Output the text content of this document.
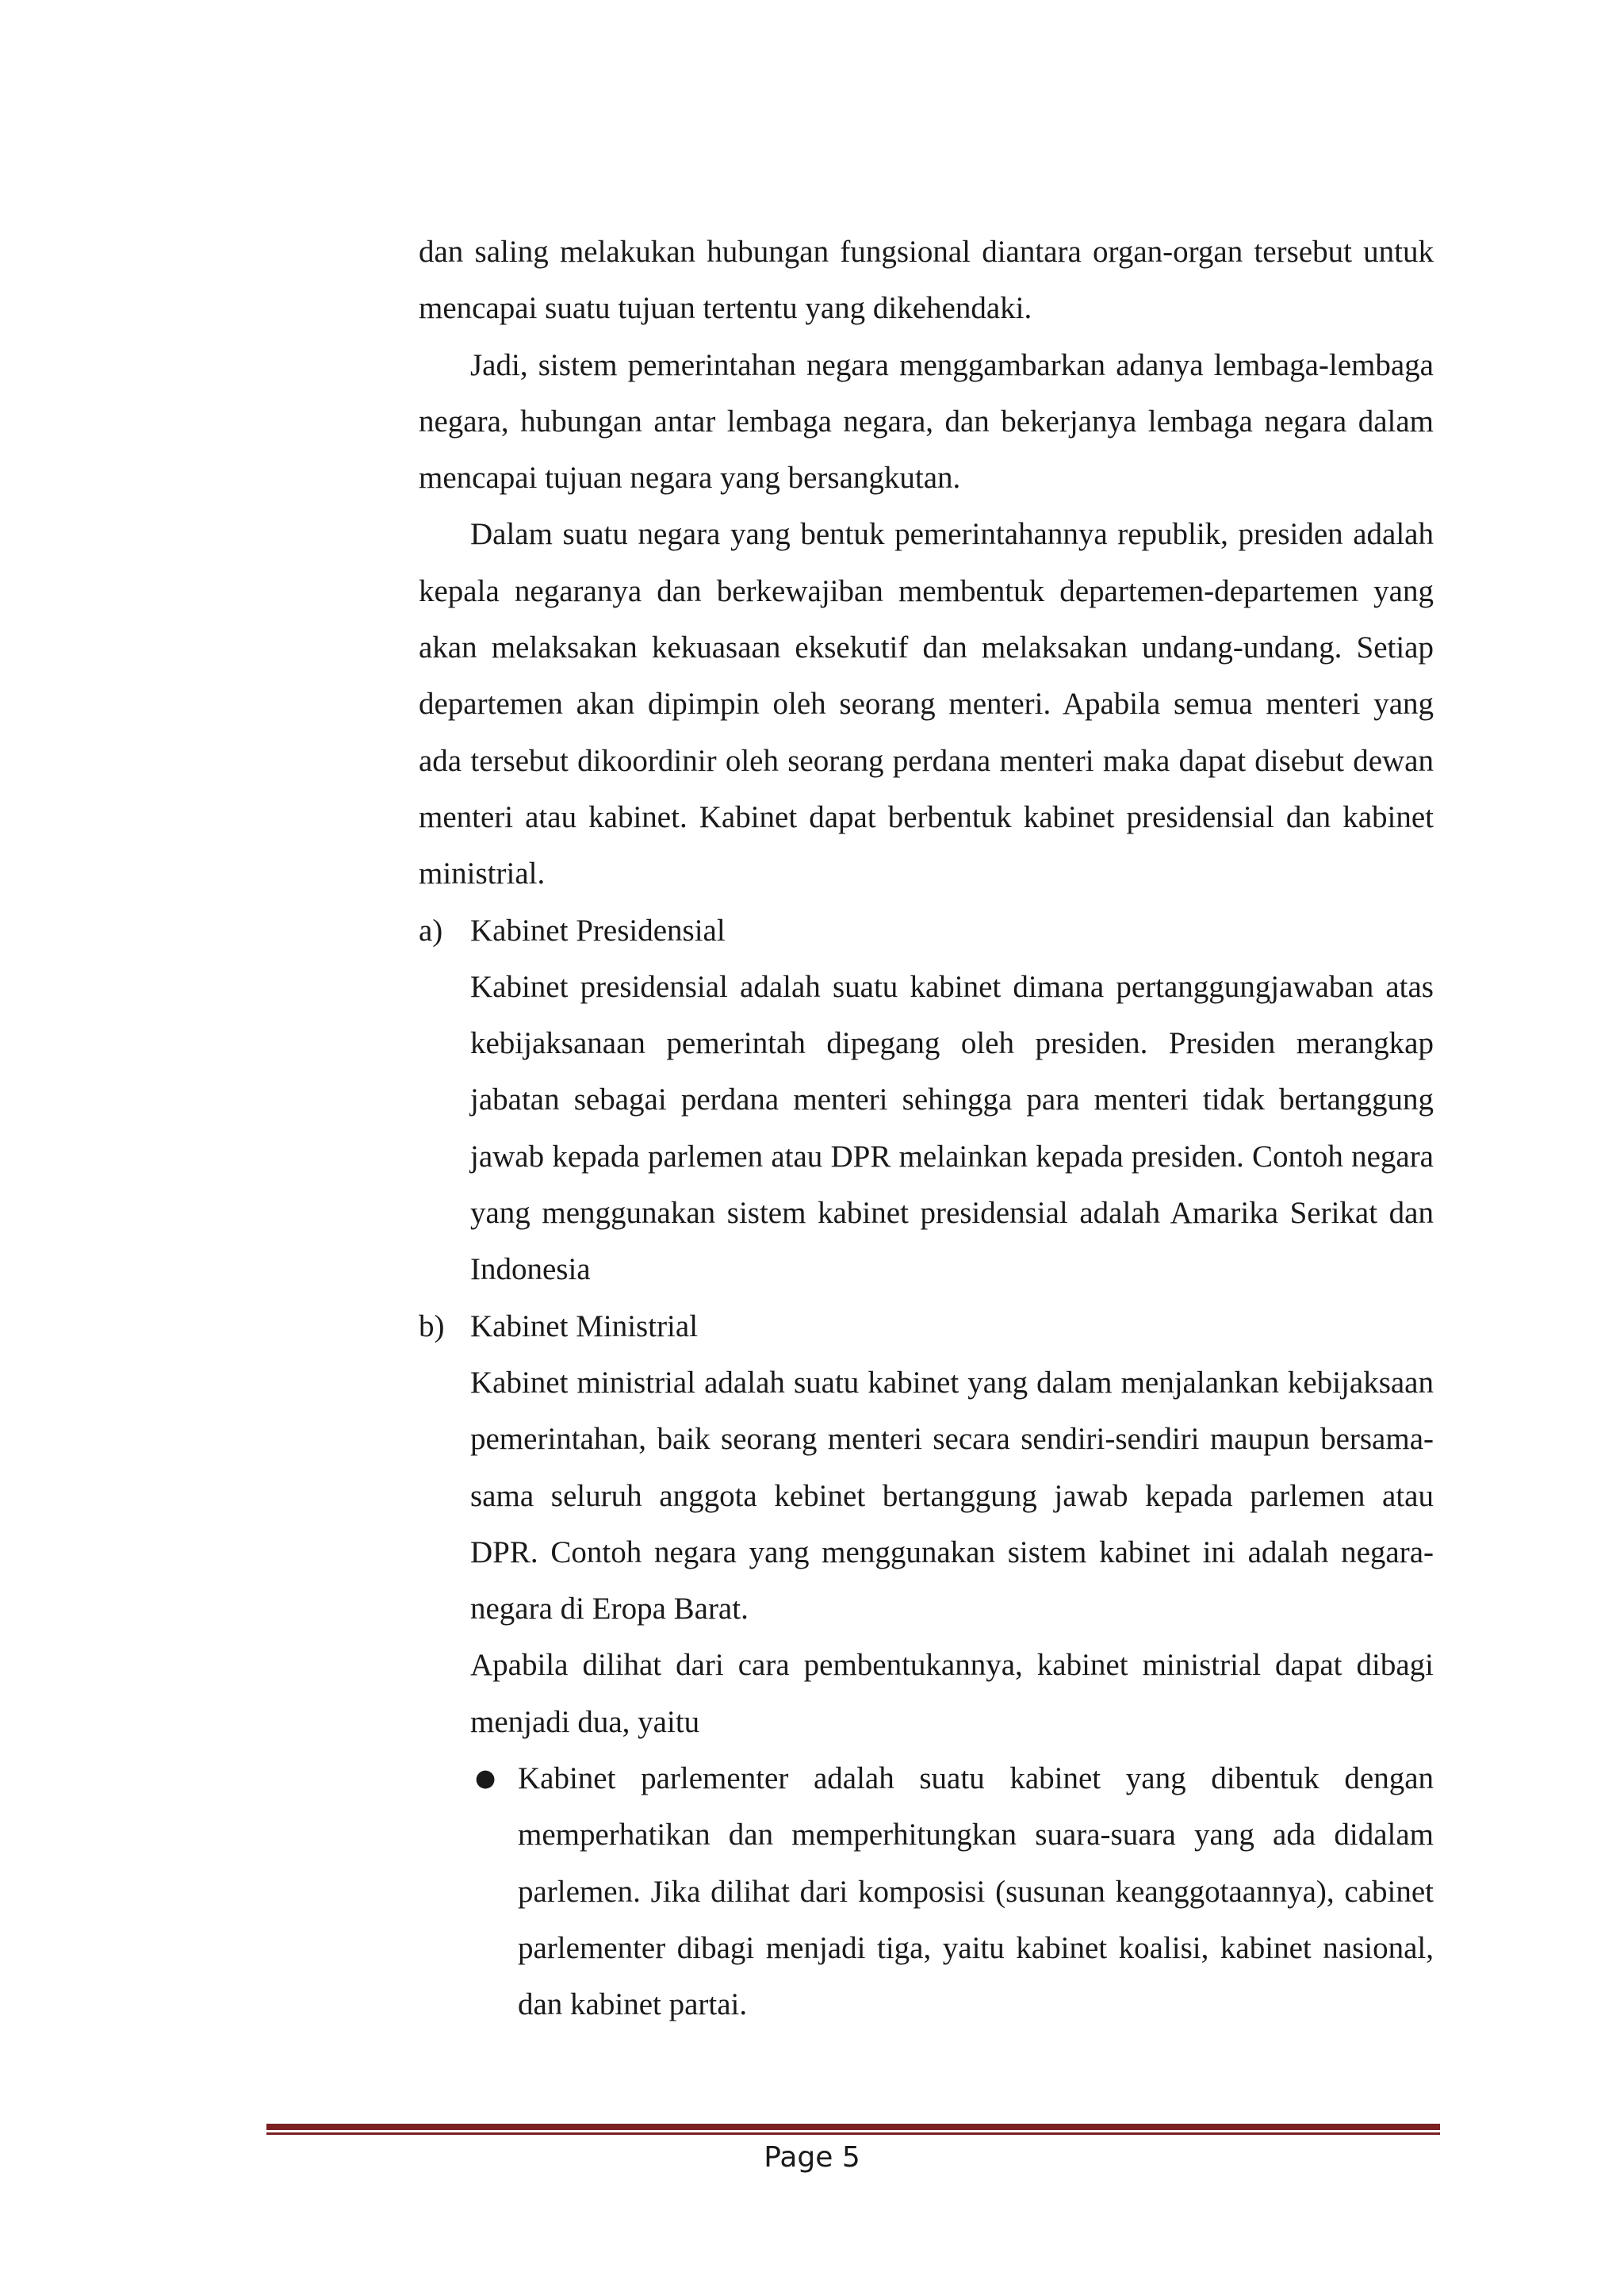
dan saling melakukan hubungan fungsional diantara organ-organ tersebut untuk mencapai suatu tujuan tertentu yang dikehendaki.

Jadi, sistem pemerintahan negara menggambarkan adanya lembaga-lembaga negara, hubungan antar lembaga negara, dan bekerjanya lembaga negara dalam mencapai tujuan negara yang bersangkutan.

Dalam suatu negara yang bentuk pemerintahannya republik, presiden adalah kepala negaranya dan berkewajiban membentuk departemen-departemen yang akan melaksakan kekuasaan eksekutif dan melaksakan undang-undang. Setiap departemen akan dipimpin oleh seorang menteri. Apabila semua menteri yang ada tersebut dikoordinir oleh seorang perdana menteri maka dapat disebut dewan menteri atau kabinet. Kabinet dapat berbentuk kabinet presidensial dan kabinet ministrial.

a) Kabinet Presidensial

Kabinet presidensial adalah suatu kabinet dimana pertanggungjawaban atas kebijaksanaan pemerintah dipegang oleh presiden. Presiden merangkap jabatan sebagai perdana menteri sehingga para menteri tidak bertanggung jawab kepada parlemen atau DPR melainkan kepada presiden. Contoh negara yang menggunakan sistem kabinet presidensial adalah Amarika Serikat dan Indonesia

b) Kabinet Ministrial

Kabinet ministrial adalah suatu kabinet yang dalam menjalankan kebijaksaan pemerintahan, baik seorang menteri secara sendiri-sendiri maupun bersama-sama seluruh anggota kebinet bertanggung jawab kepada parlemen atau DPR. Contoh negara yang menggunakan sistem kabinet ini adalah negara-negara di Eropa Barat.

Apabila dilihat dari cara pembentukannya, kabinet ministrial dapat dibagi menjadi dua, yaitu

● Kabinet parlementer adalah suatu kabinet yang dibentuk dengan memperhatikan dan memperhitungkan suara-suara yang ada didalam parlemen. Jika dilihat dari komposisi (susunan keanggotaannya), cabinet parlementer dibagi menjadi tiga, yaitu kabinet koalisi, kabinet nasional, dan kabinet partai.

Page 5
